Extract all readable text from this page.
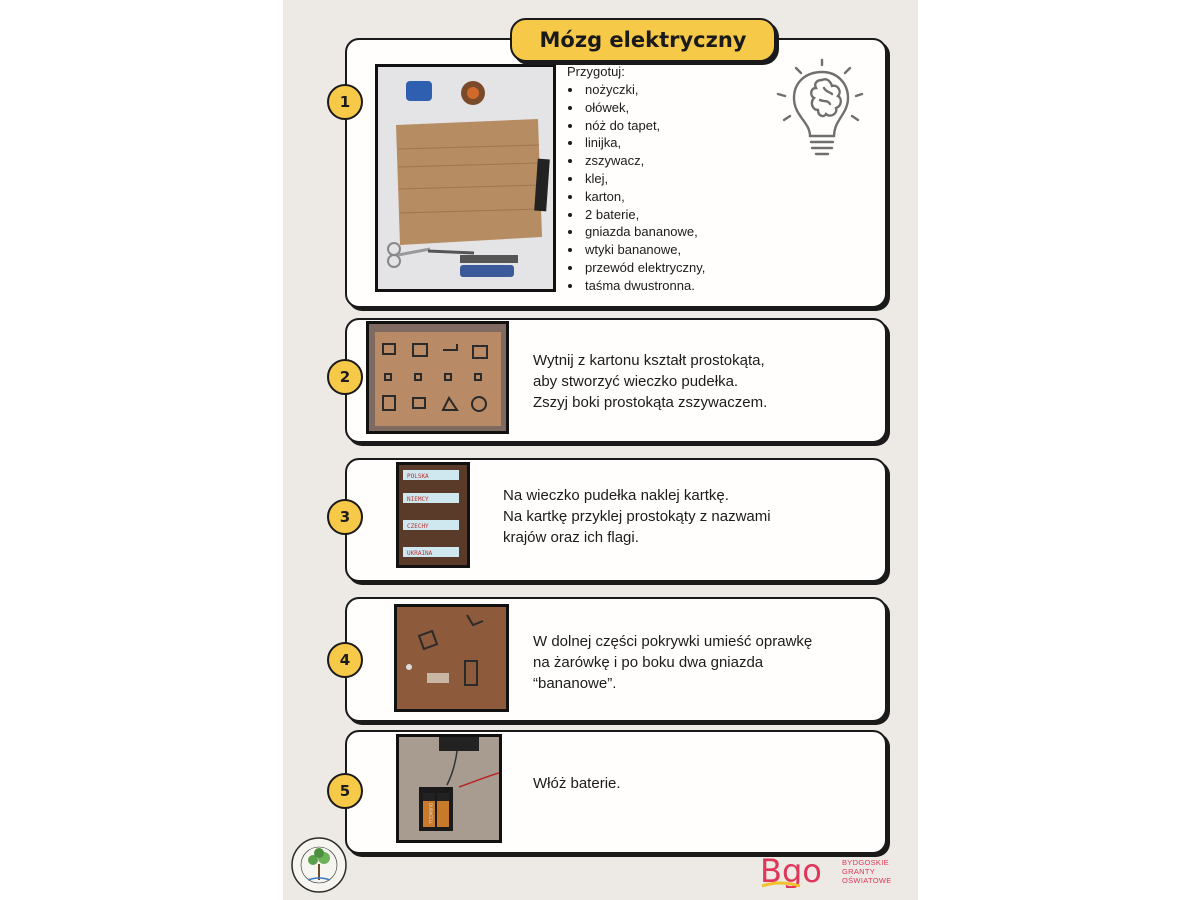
Mózg elektryczny
1
Przygotuj:
• nożyczki,
• ołówek,
• nóż do tapet,
• linijka,
• zszywacz,
• klej,
• karton,
• 2 baterie,
• gniazda bananowe,
• wtyki bananowe,
• przewód elektryczny,
• taśma dwustronna.
2

Wytnij z kartonu kształt prostokąta,

aby stworzyć wieczko pudełka.

Zszyj boki prostokąta zszywaczem.

3
POLSKA
NIEMCY
CZECHY
UKRAINA

Na wieczko pudełka naklej kartkę.

Na kartkę przyklej prostokąty z nazwami

krajów oraz ich flagi.

4

W dolnej części pokrywki umieść oprawkę

na żarówkę i po boku dwa gniazda

“bananowe”.

5
DURACELL

Włóż baterie.

Bgo	BYDGOSKIE
GRANTY
OŚWIATOWE
